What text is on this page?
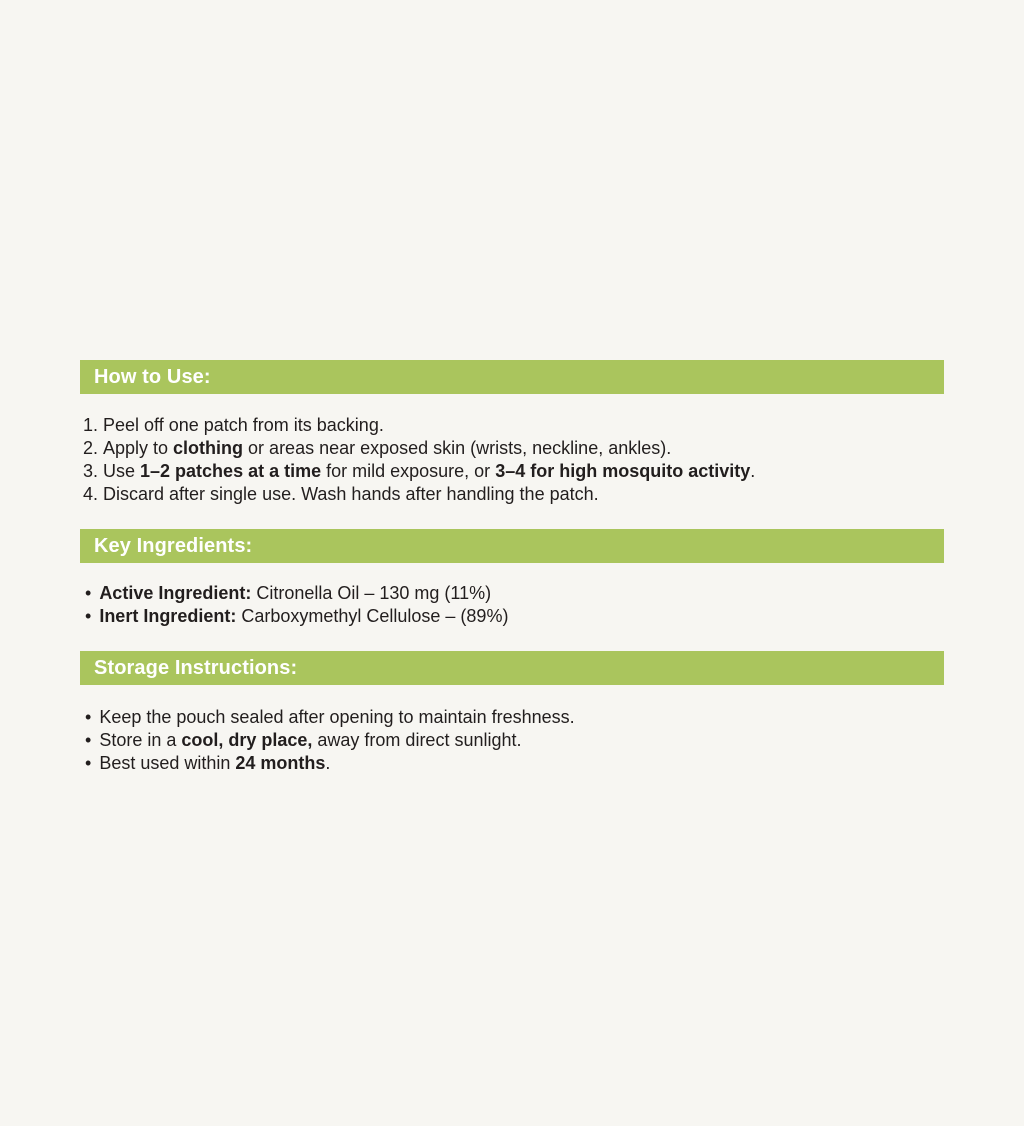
How to Use:
1. Peel off one patch from its backing.
2. Apply to clothing or areas near exposed skin (wrists, neckline, ankles).
3. Use 1–2 patches at a time for mild exposure, or 3–4 for high mosquito activity.
4. Discard after single use. Wash hands after handling the patch.
Key Ingredients:
• Active Ingredient: Citronella Oil – 130 mg (11%)
• Inert Ingredient: Carboxymethyl Cellulose – (89%)
Storage Instructions:
• Keep the pouch sealed after opening to maintain freshness.
• Store in a cool, dry place, away from direct sunlight.
• Best used within 24 months.
